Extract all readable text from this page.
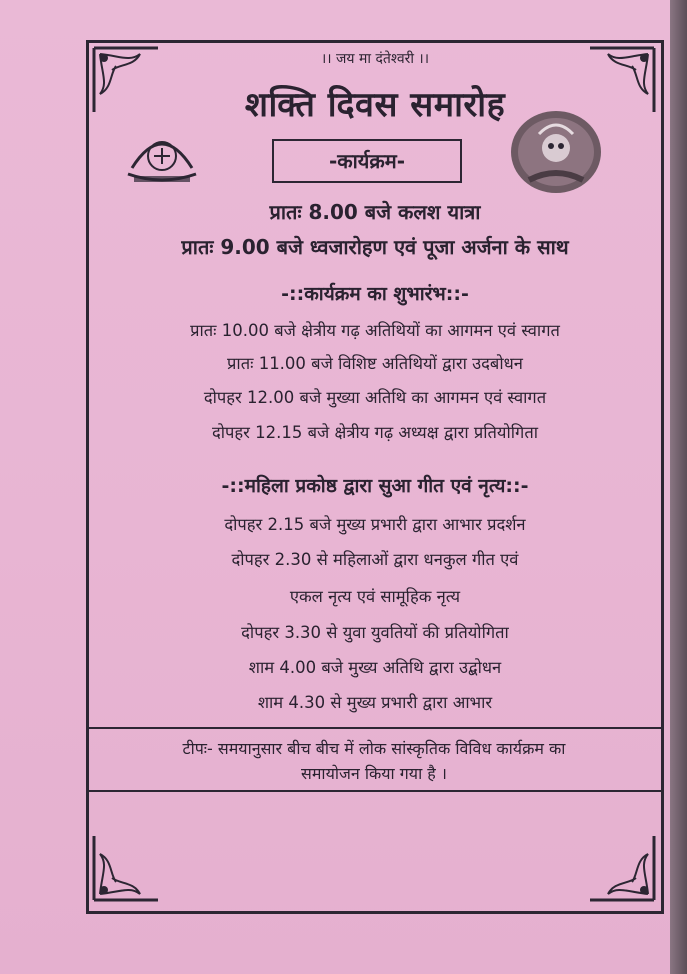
।। जय मा दंतेश्वरी ।।
शक्ति दिवस समारोह
-कार्यक्रम-
प्रातः 8.00 बजे कलश यात्रा
प्रातः 9.00 बजे ध्वजारोहण एवं पूजा अर्जना के साथ
-::कार्यक्रम का शुभारंभ::-
प्रातः 10.00 बजे क्षेत्रीय गढ़ अतिथियों का आगमन एवं स्वागत
प्रातः 11.00 बजे विशिष्ट अतिथियों द्वारा उदबोधन
दोपहर 12.00 बजे मुख्या अतिथि का आगमन एवं स्वागत
दोपहर 12.15 बजे क्षेत्रीय गढ़ अध्यक्ष द्वारा प्रतियोगिता
-::महिला प्रकोष्ठ द्वारा सुआ गीत एवं नृत्य::-
दोपहर 2.15 बजे मुख्य प्रभारी द्वारा आभार प्रदर्शन
दोपहर 2.30 से महिलाओं द्वारा धनकुल गीत एवं
एकल नृत्य एवं सामूहिक नृत्य
दोपहर 3.30 से युवा युवतियों की प्रतियोगिता
शाम 4.00 बजे मुख्य अतिथि द्वारा उद्बोधन
शाम 4.30 से मुख्य प्रभारी द्वारा आभार
टीपः- समयानुसार बीच बीच में लोक सांस्कृतिक विविध कार्यक्रम का
समायोजन किया गया है ।
